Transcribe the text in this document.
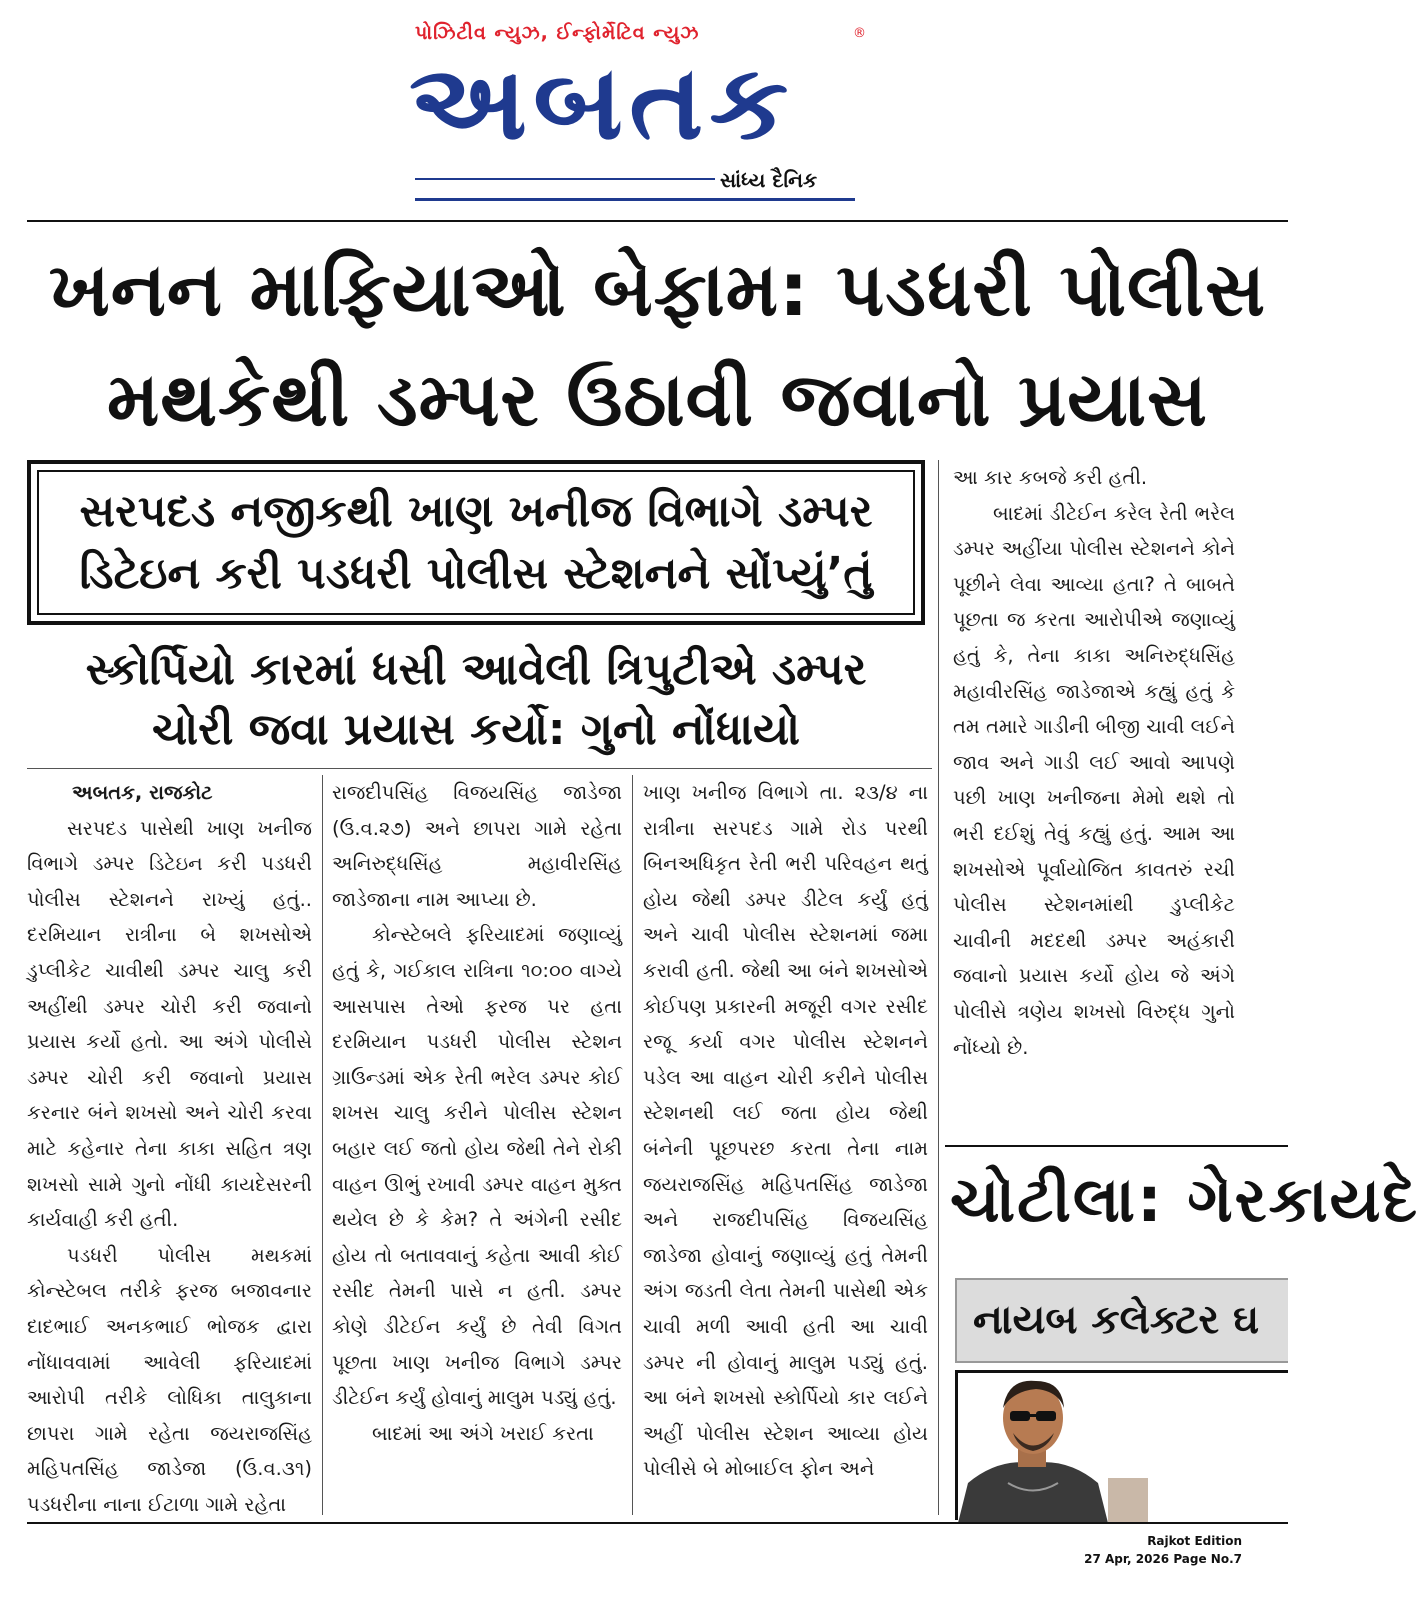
પોઝિટીવ ન્યુઝ, ઈન્ફોર્મેટિવ ન્યુઝ	®
અબતક
સાંધ્ય દૈનિક
ખનન માફિયાઓ બેફામ: પડધરી પોલીસ
મથકેથી ડમ્પર ઉઠાવી જવાનો પ્રયાસ
સરપદડ નજીકથી ખાણ ખનીજ વિભાગે ડમ્પર
ડિટેઇન કરી પડધરી પોલીસ સ્ટેશનને સોંપ્યું’તું
સ્કોર્પિયો કારમાં ધસી આવેલી ત્રિપુટીએ ડમ્પર
ચોરી જવા પ્રયાસ કર્યો: ગુનો નોંધાયો

અબતક, રાજકોટ

સરપદડ પાસેથી ખાણ ખનીજ વિભાગે ડમ્પર ડિટેઇન કરી પડધરી પોલીસ સ્ટેશનને રાખ્યું હતું.. દરમિયાન રાત્રીના બે શખસોએ ડુપ્લીકેટ ચાવીથી ડમ્પર ચાલુ કરી અહીંથી ડમ્પર ચોરી કરી જવાનો પ્રયાસ કર્યો હતો. આ અંગે પોલીસે ડમ્પર ચોરી કરી જવાનો પ્રયાસ કરનાર બંને શખસો અને ચોરી કરવા માટે કહેનાર તેના કાકા સહિત ત્રણ શખસો સામે ગુનો નોંધી કાયદેસરની કાર્યવાહી કરી હતી.

પડધરી પોલીસ મથકમાં કોન્સ્ટેબલ તરીકે ફરજ બજાવનાર દાદભાઈ અનકભાઈ ભોજક દ્વારા નોંધાવવામાં આવેલી ફરિયાદમાં આરોપી તરીકે લોધિકા તાલુકાના છાપરા ગામે રહેતા જયરાજસિંહ મહિપતસિંહ જાડેજા (ઉ.વ.૩૧) પડધરીના નાના ઈટાળા ગામે રહેતા

રાજદીપસિંહ વિજયસિંહ જાડેજા (ઉ.વ.૨૭) અને છાપરા ગામે રહેતા અનિરુદ્ધસિંહ મહાવીરસિંહ જાડેજાના નામ આપ્યા છે.

કોન્સ્ટેબલે ફરિયાદમાં જણાવ્યું હતું કે, ગઈકાલ રાત્રિના ૧૦:૦૦ વાગ્યે આસપાસ તેઓ ફરજ પર હતા દરમિયાન પડધરી પોલીસ સ્ટેશન ગ્રાઉન્ડમાં એક રેતી ભરેલ ડમ્પર કોઈ શખસ ચાલુ કરીને પોલીસ સ્ટેશન બહાર લઈ જતો હોય જેથી તેને રોકી વાહન ઊભું રખાવી ડમ્પર વાહન મુક્ત થયેલ છે કે કેમ? તે અંગેની રસીદ હોય તો બતાવવાનું કહેતા આવી કોઈ રસીદ તેમની પાસે ન હતી. ડમ્પર કોણે ડીટેઈન કર્યું છે તેવી વિગત પૂછતા ખાણ ખનીજ વિભાગે ડમ્પર ડીટેઈન કર્યું હોવાનું માલુમ પડ્યું હતું.

બાદમાં આ અંગે ખરાઈ કરતા

ખાણ ખનીજ વિભાગે તા. ૨૩/૪ ના રાત્રીના સરપદડ ગામે રોડ પરથી બિનઅધિકૃત રેતી ભરી પરિવહન થતું હોય જેથી ડમ્પર ડીટેલ કર્યું હતું અને ચાવી પોલીસ સ્ટેશનમાં જમા કરાવી હતી. જેથી આ બંને શખસોએ કોઈપણ પ્રકારની મજૂરી વગર રસીદ રજૂ કર્યા વગર પોલીસ સ્ટેશનને પડેલ આ વાહન ચોરી કરીને પોલીસ સ્ટેશનથી લઈ જતા હોય જેથી બંનેની પૂછપરછ કરતા તેના નામ જયરાજસિંહ મહિપતસિંહ જાડેજા અને રાજદીપસિંહ વિજયસિંહ જાડેજા હોવાનું જણાવ્યું હતું તેમની અંગ જડતી લેતા તેમની પાસેથી એક ચાવી મળી આવી હતી આ ચાવી ડમ્પર ની હોવાનું માલુમ પડ્યું હતું. આ બંને શખસો સ્કોર્પિયો કાર લઈને અહીં પોલીસ સ્ટેશન આવ્યા હોય પોલીસે બે મોબાઈલ ફોન અને

આ કાર કબજે કરી હતી.

બાદમાં ડીટેઈન કરેલ રેતી ભરેલ ડમ્પર અહીંયા પોલીસ સ્ટેશનને કોને પૂછીને લેવા આવ્યા હતા? તે બાબતે પૂછતા જ કરતા આરોપીએ જણાવ્યું હતું કે, તેના કાકા અનિરુદ્ધસિંહ મહાવીરસિંહ જાડેજાએ કહ્યું હતું કે તમ તમારે ગાડીની બીજી ચાવી લઈને જાવ અને ગાડી લઈ આવો આપણે પછી ખાણ ખનીજના મેમો થશે તો ભરી દઈશું તેવું કહ્યું હતું. આમ આ શખસોએ પૂર્વાયોજિત કાવતરું રચી પોલીસ સ્ટેશનમાંથી ડુપ્લીકેટ ચાવીની મદદથી ડમ્પર અહંકારી જવાનો પ્રયાસ કર્યો હોય જે અંગે પોલીસે ત્રણેય શખસો વિરુદ્ધ ગુનો નોંધ્યો છે.

ચોટીલા: ગેરકાયદે
નાયબ કલેક્ટર ઘ
Rajkot Edition
27 Apr, 2026 Page No.7
